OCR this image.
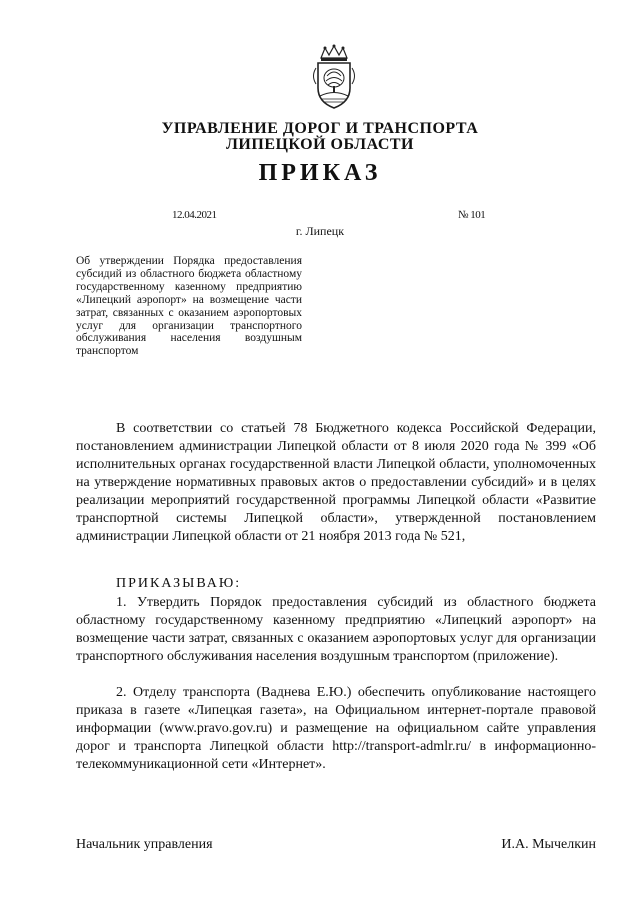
УПРАВЛЕНИЕ ДОРОГ И ТРАНСПОРТА
ЛИПЕЦКОЙ ОБЛАСТИ
ПРИКАЗ
12.04.2021	№ 101
г. Липецк
Об утверждении Порядка предоставления субсидий из областного бюджета областному государственному казенному предприятию «Липецкий аэропорт» на возмещение части затрат, связанных с оказанием аэропортовых услуг для организации транспортного обслуживания населения воздушным транспортом
В соответствии со статьей 78 Бюджетного кодекса Российской Федерации, постановлением администрации Липецкой области от 8 июля 2020 года № 399 «Об исполнительных органах государственной власти Липецкой области, уполномоченных на утверждение нормативных правовых актов о предоставлении субсидий» и в целях реализации мероприятий государственной программы Липецкой области «Развитие транспортной системы Липецкой области», утвержденной постановлением администрации Липецкой области от 21 ноября 2013 года № 521,
ПРИКАЗЫВАЮ:
1. Утвердить Порядок предоставления субсидий из областного бюджета областному государственному казенному предприятию «Липецкий аэропорт» на возмещение части затрат, связанных с оказанием аэропортовых услуг для организации транспортного обслуживания населения воздушным транспортом (приложение).
2. Отделу транспорта (Ваднева Е.Ю.) обеспечить опубликование настоящего приказа в газете «Липецкая газета», на Официальном интернет-портале правовой информации (www.pravo.gov.ru) и размещение на официальном сайте управления дорог и транспорта Липецкой области http://transport-admlr.ru/ в информационно-телекоммуникационной сети «Интернет».
Начальник управления	И.А. Мычелкин
